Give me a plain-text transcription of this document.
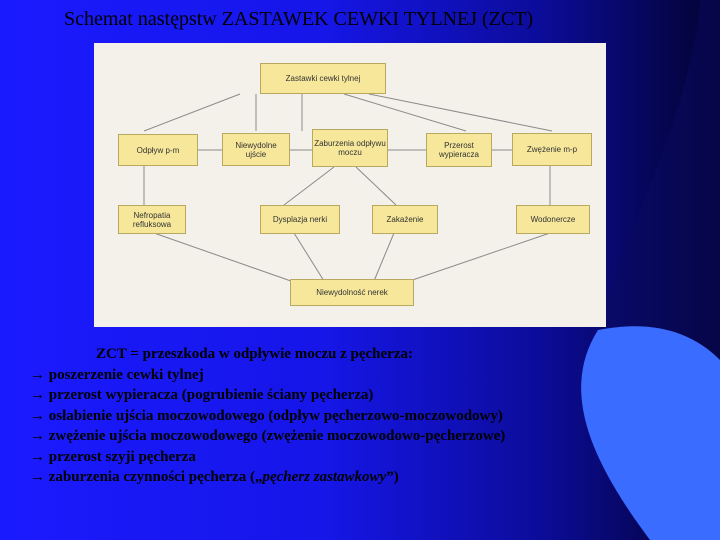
Schemat następstw ZASTAWEK CEWKI TYLNEJ (ZCT)
Zastawki cewki tylnej
Odpływ p-m
Niewydolne ujście
Zaburzenia odpływu moczu
Przerost wypieracza
Zwężenie m-p
Nefropatia refluksowa	Dysplazja nerki	Zakażenie	Wodonercze
Niewydolność nerek
ZCT = przeszkoda w odpływie moczu z pęcherza:
→ poszerzenie cewki tylnej
→ przerost wypieracza (pogrubienie ściany pęcherza)
→ osłabienie ujścia moczowodowego (odpływ pęcherzowo-moczowodowy)
→ zwężenie ujścia moczowodowego (zwężenie moczowodowo-pęcherzowe)
→ przerost szyji pęcherza
→ zaburzenia czynności pęcherza („pęcherz zastawkowy”)
